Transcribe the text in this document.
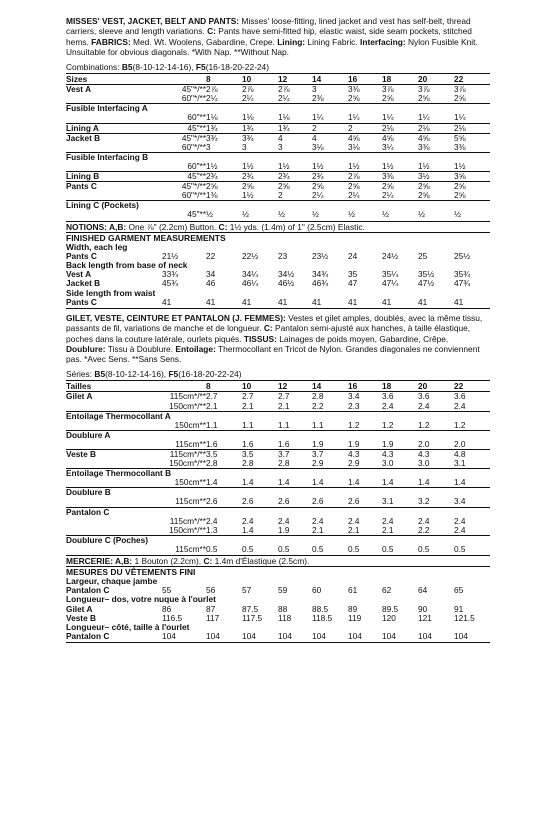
MISSES' VEST, JACKET, BELT AND PANTS: Misses' loose-fitting, lined jacket and vest has self-belt, thread carriers, sleeve and length variations. C: Pants have semi-fitted hip, elastic waist, side seam pockets, stitched hems. FABRICS: Med. Wt. Woolens, Gabardine, Crepe. Lining: Lining Fabric. Interfacing: Nylon Fusible Knit. Unsuitable for obvious diagonals. *With Nap. **Without Nap.

Combinations: B5(8-10-12-14-16), F5(16-18-20-22-24)

Sizes		8	10	12	14	16	18	20	22	
Vest A	45"*/**	2⅞	2⅞	2⅞	3	3⅜	3⅞	3⅞	3⅞	
	60"*/**	2¼	2¼	2¼	2⅜	2⅝	2⅝	2⅝	2⅝	
Fusible Interfacing A										
	60"**	1⅛	1⅛	1⅛	1¼	1¼	1¼	1¼	1¼	
Lining A	45"**	1¾	1¾	1¾	2	2	2⅛	2⅛	2⅛	
Jacket B	45"*/**	3¾	3¾	4	4	4⅝	4⅝	4⅝	5⅝	
	60"*/**	3	3	3	3⅛	3⅛	3¼	3⅜	3⅜	
Fusible Interfacing B										
	60"**	1½	1½	1½	1½	1½	1½	1½	1½	
Lining B	45"**	2¾	2¾	2¾	2¾	2⅞	3⅜	3½	3⅝	
Pants C	45"*/**	2⅝	2⅝	2⅝	2⅝	2⅝	2⅝	2⅝	2⅝	
	60"*/**	1⅜	1½	2	2¼	2¼	2¼	2⅝	2⅝	
Lining C (Pockets)										
	45"**	½	½	½	½	½	½	½	½	

NOTIONS: A,B: One ⅞" (2.2cm) Button. C: 1½ yds. (1.4m) of 1" (2.5cm) Elastic.

FINISHED GARMENT MEASUREMENTS
Width, each leg
Pants C	21½	22	22½	23	23½	24	24½	25	25½
Back length from base of neck
Vest A	33¾	34	34¼	34½	34¾	35	35¼	35½	35¾
Jacket B	45¾	46	46¼	46½	46¾	47	47¼	47½	47¾
Side length from waist
Pants C	41	41	41	41	41	41	41	41	41

GILET, VESTE, CEINTURE ET PANTALON (J. FEMMES): Vestes et gilet amples, doublés, avec la même tissu, passants de fil, variations de manche et de longueur. C: Pantalon semi-ajusté aux hanches, à taille élastique, poches dans la couture latérale, ourlets piqués. TISSUS: Lainages de poids moyen, Gabardine, Crêpe. Doublure: Tissu à Doublure. Entoilage: Thermocollant en Tricot de Nylon. Grandes diagonales ne conviennent pas. *Avec Sens. **Sans Sens.

Séries: B5(8-10-12-14-16), F5(16-18-20-22-24)

Tailles		8	10	12	14	16	18	20	22	
Gilet A	115cm*/**	2.7	2.7	2.7	2.8	3.4	3.6	3.6	3.6	
	150cm*/**	2.1	2.1	2.1	2.2	2.3	2.4	2.4	2.4	
Entoilage Thermocollant A										
	150cm**	1.1	1.1	1.1	1.1	1.2	1.2	1.2	1.2	
Doublure A										
	115cm**	1.6	1.6	1.6	1.9	1.9	1.9	2.0	2.0	
Veste B	115cm*/**	3.5	3.5	3.7	3.7	4.3	4.3	4.3	4.8	
	150cm*/**	2.8	2.8	2.8	2.9	2.9	3.0	3.0	3.1	
Entoilage Thermocollant B										
	150cm**	1.4	1.4	1.4	1.4	1.4	1.4	1.4	1.4	
Doublure B										
	115cm**	2.6	2.6	2.6	2.6	2.6	3.1	3.2	3.4	
Pantalon C										
	115cm*/**	2.4	2.4	2.4	2.4	2.4	2.4	2.4	2.4	
	150cm*/**	1.3	1.4	1.9	2.1	2.1	2.1	2.2	2.4	
Doublure C (Poches)										
	115cm**	0.5	0.5	0.5	0.5	0.5	0.5	0.5	0.5	

MERCERIE: A,B: 1 Bouton (2.2cm). C: 1.4m d'Élastique (2.5cm).

MESURES DU VÊTEMENTS FINI
Largeur, chaque jambe
Pantalon C	55	56	57	59	60	61	62	64	65
Longueur– dos, votre nuque à l'ourlet
Gilet A	86	87	87.5	88	88.5	89	89.5	90	91
Veste B	116.5	117	117.5	118	118.5	119	120	121	121.5
Longueur– côté, taille à l'ourlet
Pantalon C	104	104	104	104	104	104	104	104	104
